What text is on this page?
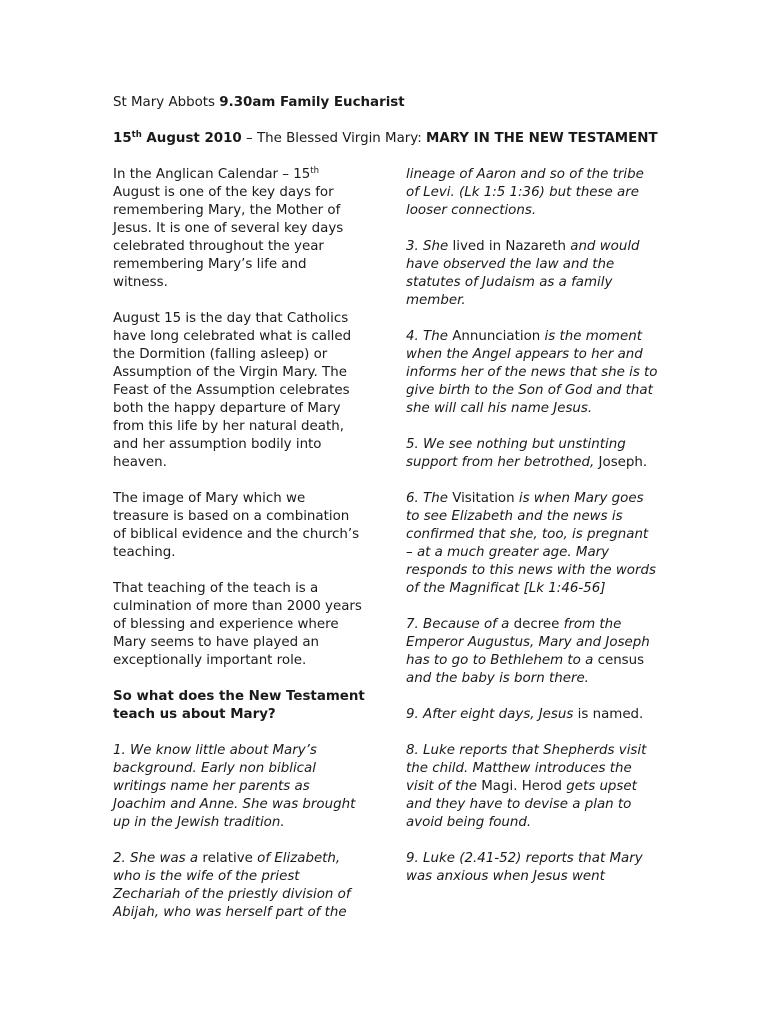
St Mary Abbots 9.30am Family Eucharist
15th August 2010 – The Blessed Virgin Mary: MARY IN THE NEW TESTAMENT

In the Anglican Calendar – 15th August is one of the key days for remembering Mary, the Mother of Jesus. It is one of several key days celebrated throughout the year remembering Mary’s life and witness.

August 15 is the day that Catholics have long celebrated what is called the Dormition (falling asleep) or Assumption of the Virgin Mary. The Feast of the Assumption celebrates both the happy departure of Mary from this life by her natural death, and her assumption bodily into heaven.

The image of Mary which we treasure is based on a combination of biblical evidence and the church’s teaching.

That teaching of the teach is a culmination of more than 2000 years of blessing and experience where Mary seems to have played an exceptionally important role.

So what does the New Testament teach us about Mary?

1. We know little about Mary’s background. Early non biblical writings name her parents as Joachim and Anne. She was brought up in the Jewish tradition.

2. She was a relative of Elizabeth, who is the wife of the priest Zechariah of the priestly division of Abijah, who was herself part of the

lineage of Aaron and so of the tribe of Levi. (Lk 1:5 1:36) but these are looser connections.

3. She lived in Nazareth and would have observed the law and the statutes of Judaism as a family member.

4. The Annunciation is the moment when the Angel appears to her and informs her of the news that she is to give birth to the Son of God and that she will call his name Jesus.

5. We see nothing but unstinting support from her betrothed, Joseph.

6. The Visitation is when Mary goes to see Elizabeth and the news is confirmed that she, too, is pregnant – at a much greater age. Mary responds to this news with the words of the Magnificat [Lk 1:46-56]

7. Because of a decree from the Emperor Augustus, Mary and Joseph has to go to Bethlehem to a census and the baby is born there.

9. After eight days, Jesus is named.

8. Luke reports that Shepherds visit the child. Matthew introduces the visit of the Magi. Herod gets upset and they have to devise a plan to avoid being found.

9. Luke (2.41-52) reports that Mary was anxious when Jesus went
